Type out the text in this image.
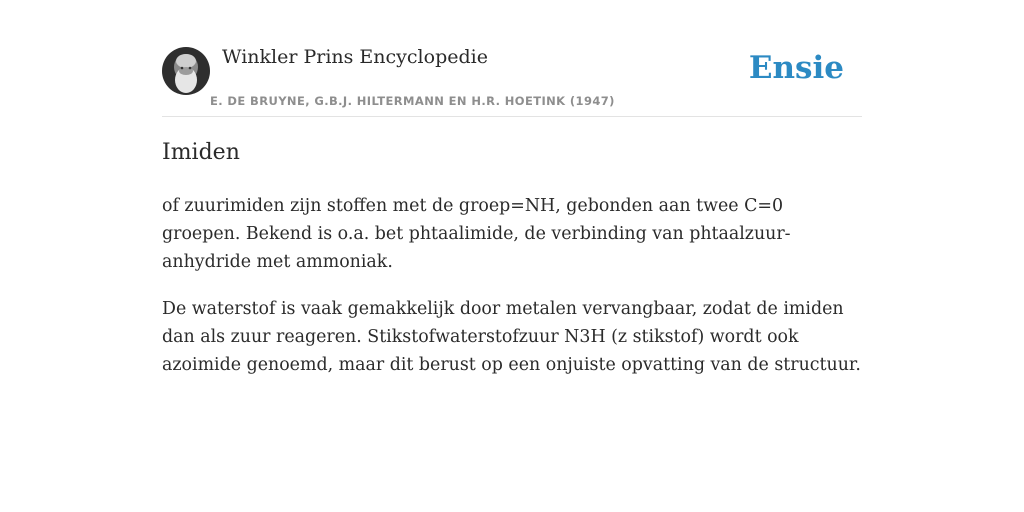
Winkler Prins Encyclopedie
E. DE BRUYNE, G.B.J. HILTERMANN EN H.R. HOETINK (1947)
Ensie
Imiden

of zuurimiden zijn stoffen met de groep=NH, gebonden aan twee C=0 groepen. Bekend is o.a. bet phtaalimide, de verbinding van phtaalzuur-anhydride met ammoniak.

De waterstof is vaak gemakkelijk door metalen vervangbaar, zodat de imiden dan als zuur reageren. Stikstofwaterstofzuur N3H (z stikstof) wordt ook azoimide genoemd, maar dit berust op een onjuiste opvatting van de structuur.
